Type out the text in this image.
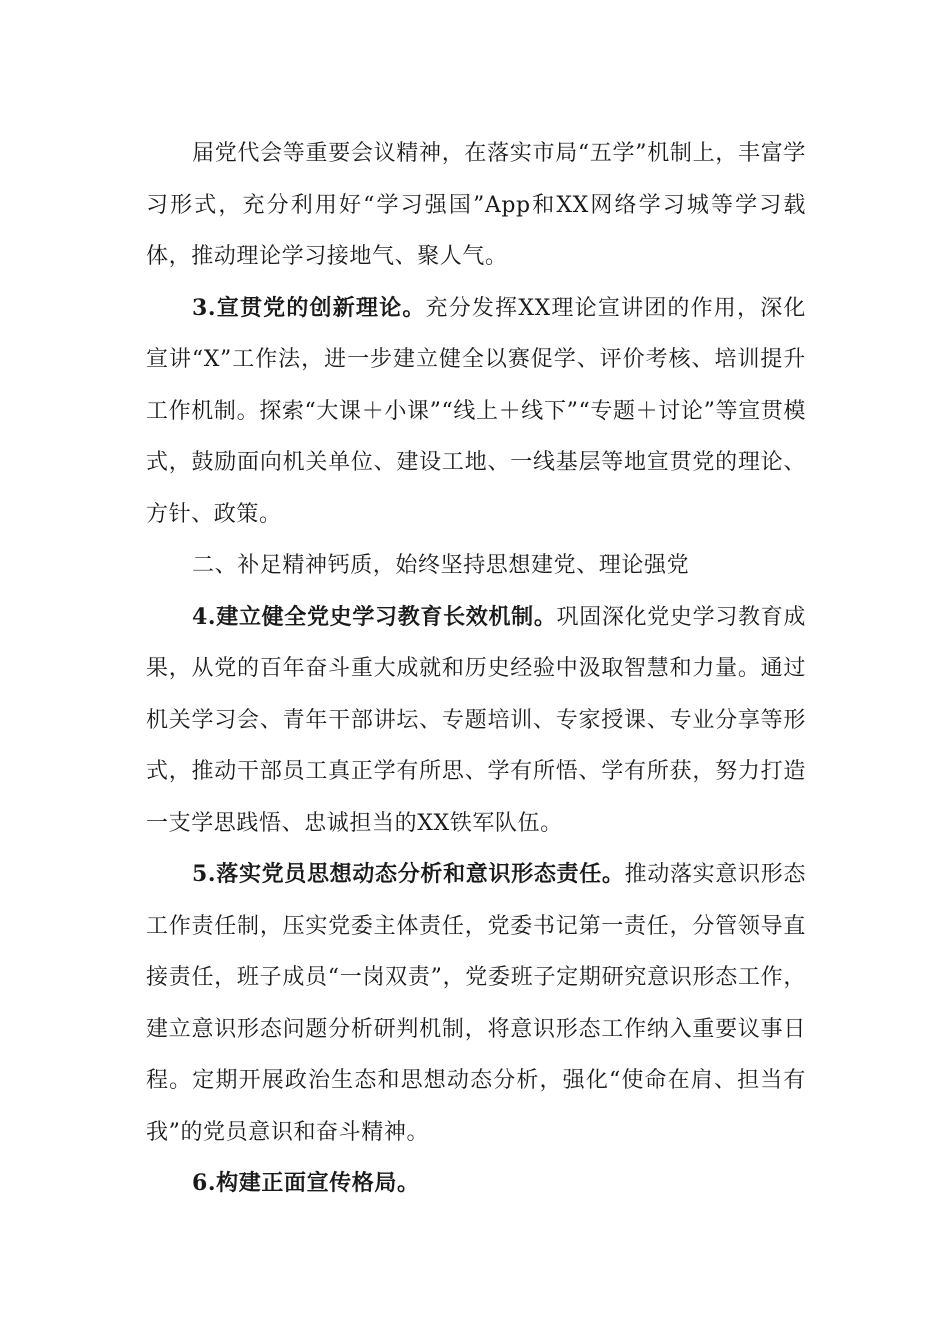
届党代会等重要会议精神，在落实市局“五学”机制上，丰富学习形式，充分利用好“学习强国”App和XX网络学习城等学习载体，推动理论学习接地气、聚人气。

3.宣贯党的创新理论。充分发挥XX理论宣讲团的作用，深化宣讲“X”工作法，进一步建立健全以赛促学、评价考核、培训提升工作机制。探索“大课＋小课”“线上＋线下”“专题＋讨论”等宣贯模式，鼓励面向机关单位、建设工地、一线基层等地宣贯党的理论、方针、政策。

二、补足精神钙质，始终坚持思想建党、理论强党

4.建立健全党史学习教育长效机制。巩固深化党史学习教育成果，从党的百年奋斗重大成就和历史经验中汲取智慧和力量。通过机关学习会、青年干部讲坛、专题培训、专家授课、专业分享等形式，推动干部员工真正学有所思、学有所悟、学有所获，努力打造一支学思践悟、忠诚担当的XX铁军队伍。

5.落实党员思想动态分析和意识形态责任。推动落实意识形态工作责任制，压实党委主体责任，党委书记第一责任，分管领导直接责任，班子成员“一岗双责”，党委班子定期研究意识形态工作，建立意识形态问题分析研判机制，将意识形态工作纳入重要议事日程。定期开展政治生态和思想动态分析，强化“使命在肩、担当有我”的党员意识和奋斗精神。

6.构建正面宣传格局。
